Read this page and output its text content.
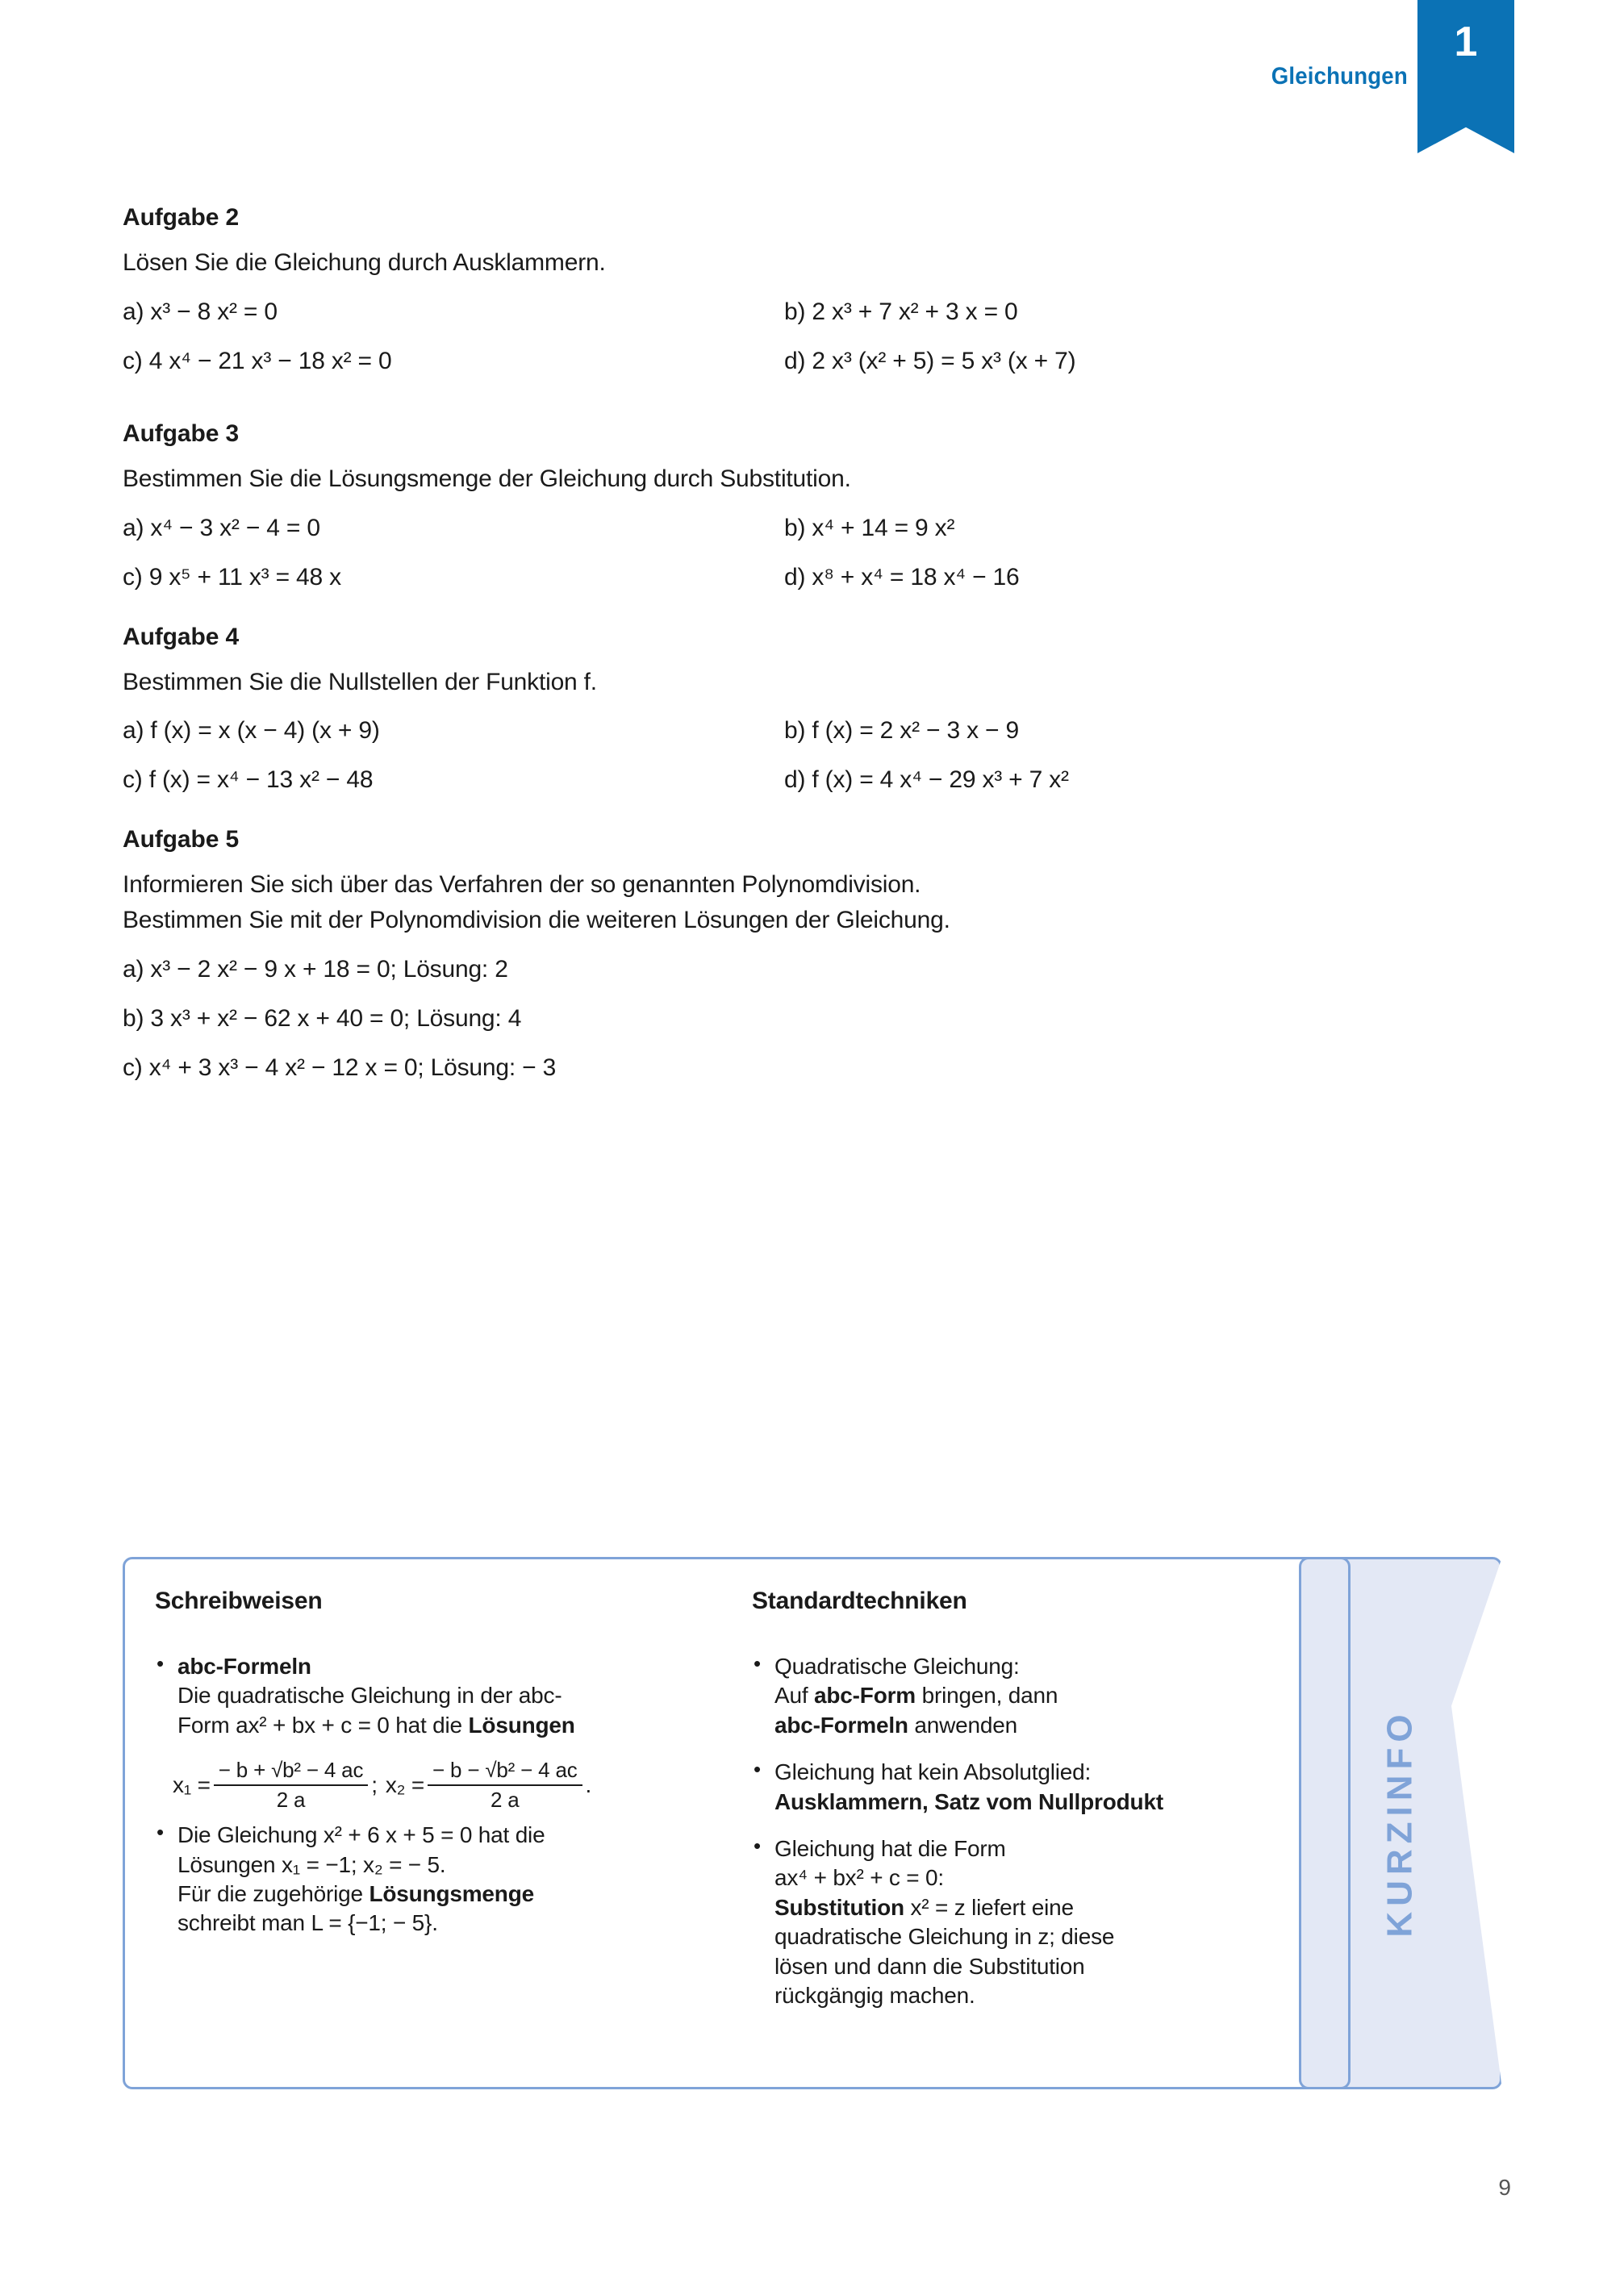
Gleichungen
1
Aufgabe 2
Lösen Sie die Gleichung durch Ausklammern.
a) x³ − 8 x² = 0	b) 2 x³ + 7 x² + 3 x = 0
c) 4 x⁴ − 21 x³ − 18 x² = 0	d) 2 x³ (x² + 5) = 5 x³ (x + 7)
Aufgabe 3
Bestimmen Sie die Lösungsmenge der Gleichung durch Substitution.
a) x⁴ − 3 x² − 4 = 0	b) x⁴ + 14 = 9 x²
c) 9 x⁵ + 11 x³ = 48 x	d) x⁸ + x⁴ = 18 x⁴ − 16
Aufgabe 4
Bestimmen Sie die Nullstellen der Funktion f.
a) f (x) = x (x − 4) (x + 9)	b) f (x) = 2 x² − 3 x − 9
c) f (x) = x⁴ − 13 x² − 48	d) f (x) = 4 x⁴ − 29 x³ + 7 x²
Aufgabe 5
Informieren Sie sich über das Verfahren der so genannten Polynomdivision.
Bestimmen Sie mit der Polynomdivision die weiteren Lösungen der Gleichung.
a) x³ − 2 x² − 9 x + 18 = 0; Lösung: 2
b) 3 x³ + x² − 62 x + 40 = 0; Lösung: 4
c) x⁴ + 3 x³ − 4 x² − 12 x = 0; Lösung: − 3
KURZINFO
Schreibweisen
• abc-Formeln
Die quadratische Gleichung in der abc-
Form ax² + bx + c = 0 hat die Lösungen
$x_1 = \frac{\text{− b + √b² − 4 ac}}{2 a}$ ; $x_2 = \frac{\text{− b − √b² − 4 ac}}{2 a}$ .
• Die Gleichung x² + 6 x + 5 = 0 hat die
Lösungen x₁ = −1; x₂ = − 5.
Für die zugehörige Lösungsmenge
schreibt man L = {−1; − 5}.
Standardtechniken
• Quadratische Gleichung:
Auf abc-Form bringen, dann
abc-Formeln anwenden
• Gleichung hat kein Absolutglied:
Ausklammern, Satz vom Nullprodukt
• Gleichung hat die Form
ax⁴ + bx² + c = 0:
Substitution x² = z liefert eine
quadratische Gleichung in z; diese
lösen und dann die Substitution
rückgängig machen.
9
